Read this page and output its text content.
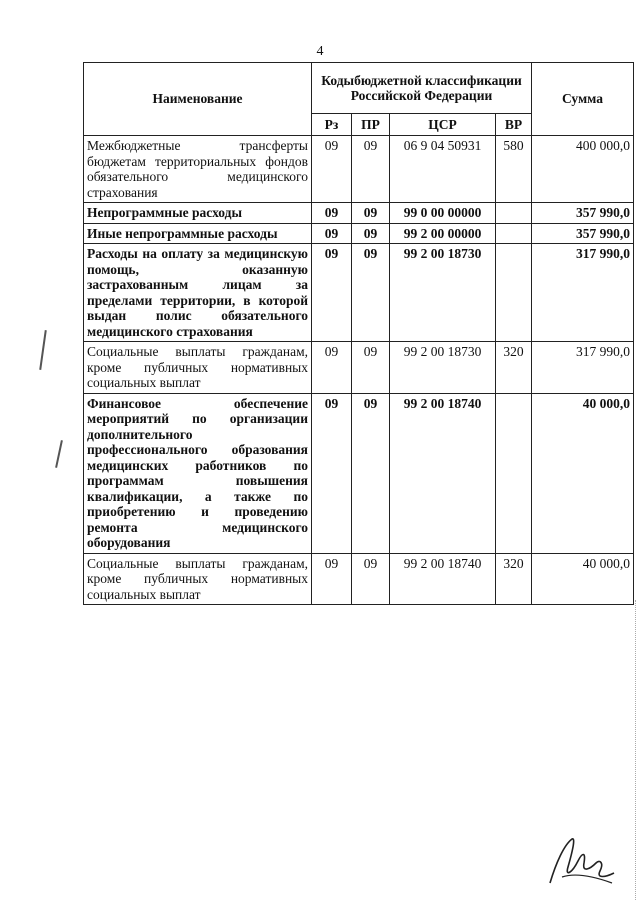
4
Наименование	Кодыбюджетной классификации Российской Федерации				Сумма
	Рз	ПР	ЦСР	ВР	
Межбюджетные трансферты бюджетам территориальных фондов обязательного медицинского страхования	09	09	06 9 04 50931	580	400 000,0
Непрограммные расходы	09	09	99 0 00 00000		357 990,0
Иные непрограммные расходы	09	09	99 2 00 00000		357 990,0
Расходы на оплату за медицинскую помощь, оказанную застрахованным лицам за пределами территории, в которой выдан полис обязательного медицинского страхования	09	09	99 2 00 18730		317 990,0
Социальные выплаты гражданам, кроме публичных нормативных социальных выплат	09	09	99 2 00 18730	320	317 990,0
Финансовое обеспечение мероприятий по организации дополнительного профессионального образования медицинских работников по программам повышения квалификации, а также по приобретению и проведению ремонта медицинского оборудования	09	09	99 2 00 18740		40 000,0
Социальные выплаты гражданам, кроме публичных нормативных социальных выплат	09	09	99 2 00 18740	320	40 000,0
